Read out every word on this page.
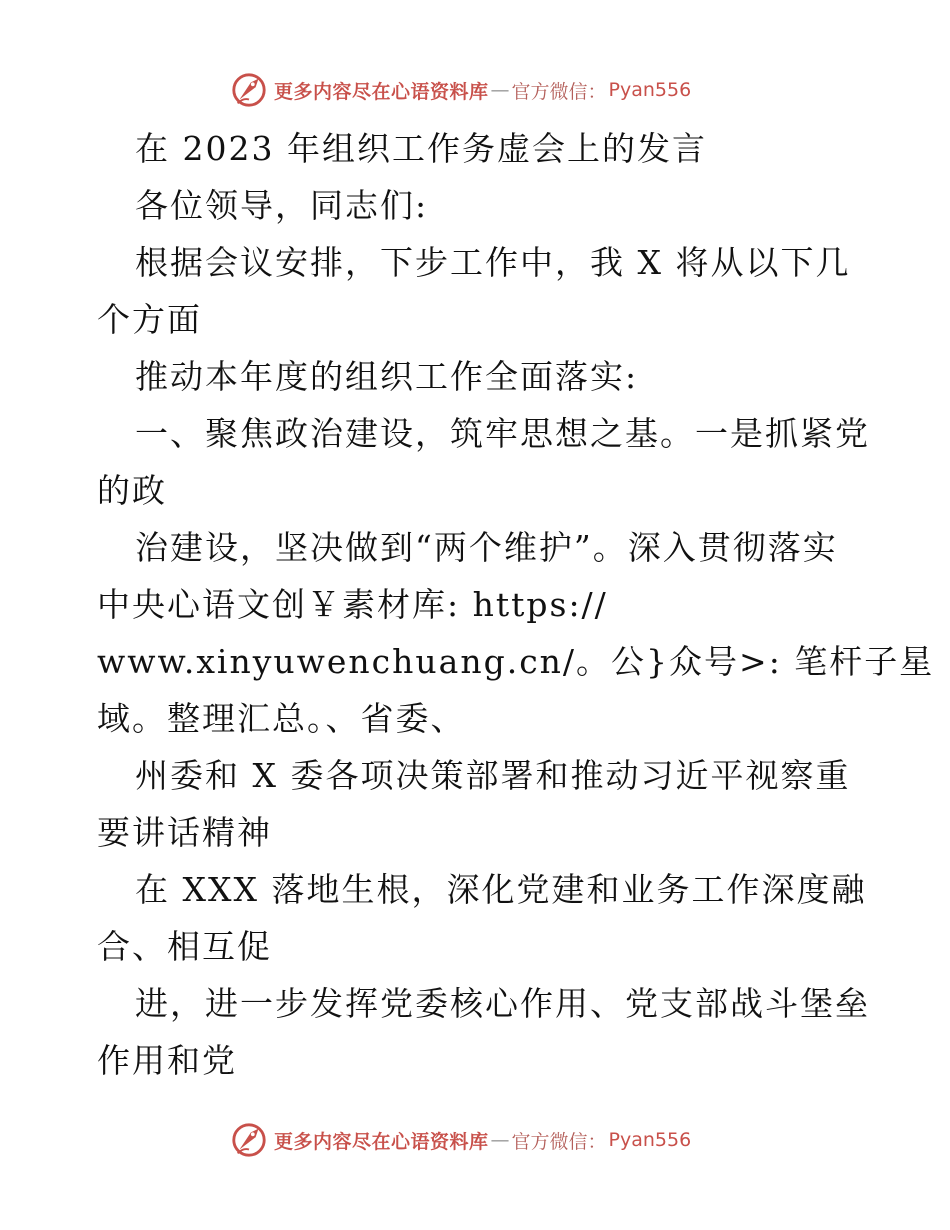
更多内容尽在心语资料库 — 官方微信： Pyan556
在 2023 年组织工作务虚会上的发言
各位领导，同志们:
根据会议安排，下步工作中，我 X 将从以下几
个方面
推动本年度的组织工作全面落实:
一、聚焦政治建设，筑牢思想之基。一是抓紧党
的政
治建设，坚决做到“两个维护”。深入贯彻落实
中央心语文创￥素材库: https://
www.xinyuwenchuang.cn/。公}众号>: 笔杆子星
域。整理汇总。、省委、
州委和 X 委各项决策部署和推动习近平视察重
要讲话精神
在 XXX 落地生根，深化党建和业务工作深度融
合、相互促
进，进一步发挥党委核心作用、党支部战斗堡垒
作用和党
更多内容尽在心语资料库 — 官方微信： Pyan556
